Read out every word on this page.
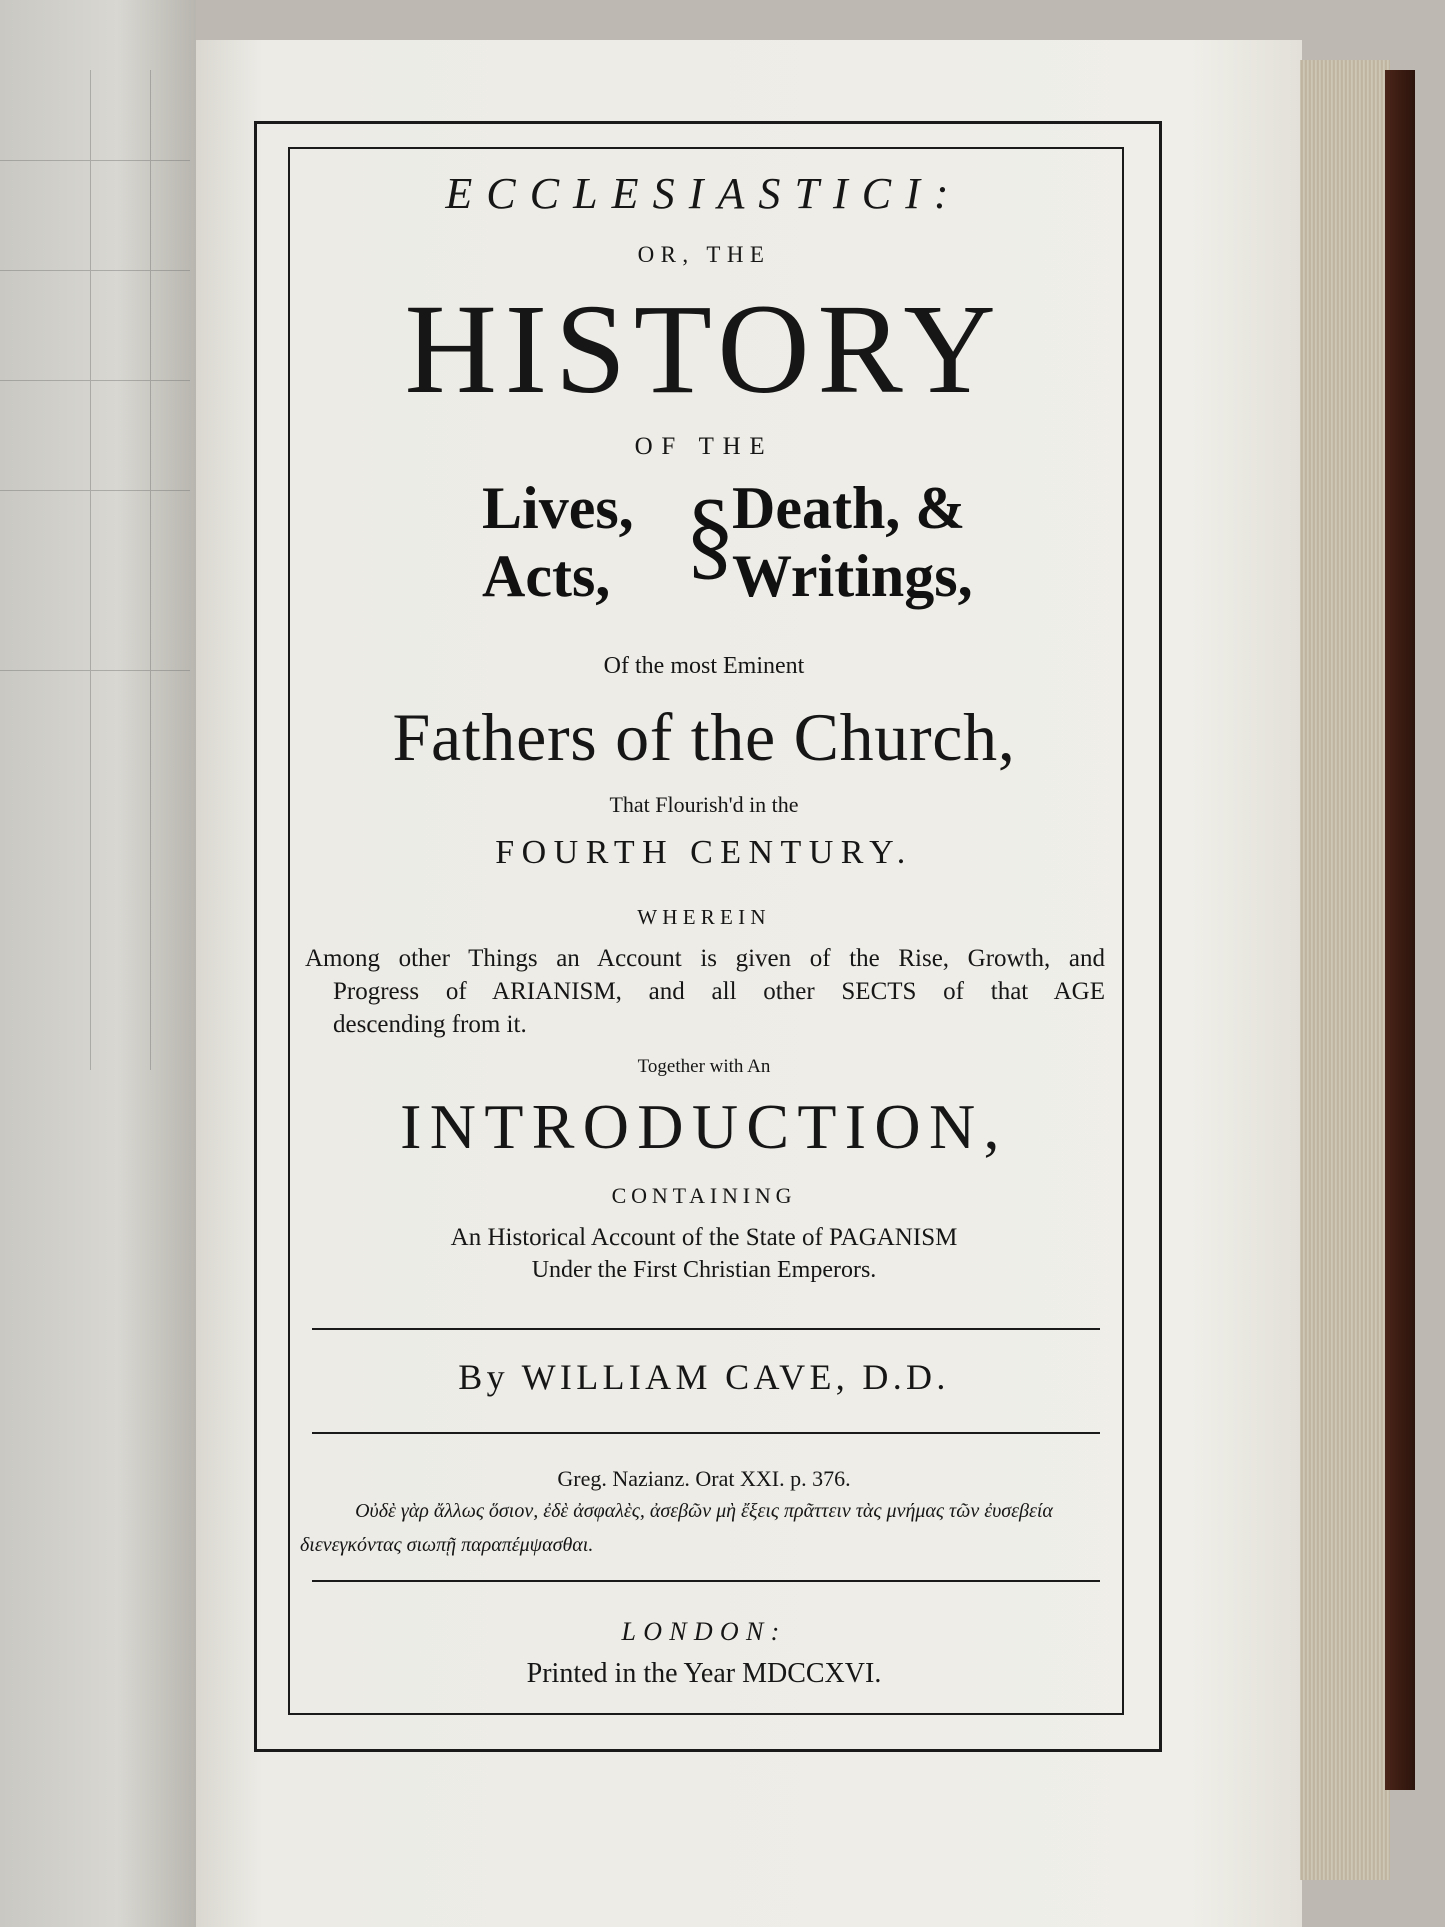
ECCLESIASTICI:

OR, THE

HISTORY

OF THE

Lives,
Acts, §
Death, &
Writings,

Of the most Eminent

Fathers of the Church,

That Flourish'd in the

FOURTH CENTURY.

WHEREIN

Among other Things an Account is given of the Rise, Growth, and

Progress of ARIANISM, and all other SECTS of that AGE

descending from it.

Together with An

INTRODUCTION,

CONTAINING

An Historical Account of the State of PAGANISM

Under the First Christian Emperors.

By WILLIAM CAVE, D.D.

Greg. Nazianz. Orat XXI. p. 376.

Οὐδὲ γὰρ ἄλλως ὅσιον, ἐδὲ ἀσφαλὲς, ἀσεβῶν μὴ ἔξεις πρᾶττειν τὰς μνήμας τῶν ἐυσεβεία

διενεγκόντας σιωπῇ παραπέμψασθαι.

LONDON:

Printed in the Year MDCCXVI.
